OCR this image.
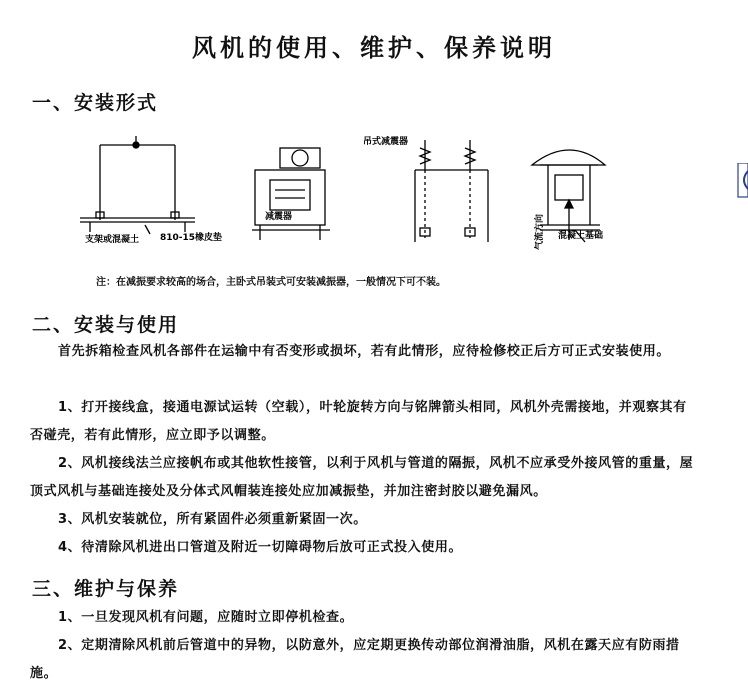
风机的使用、维护、保养说明
一、安装形式
支架或混凝土 810-15橡皮垫
减震器
吊式减震器
气流方向 混凝土基础
注：在减振要求较高的场合，主卧式吊装式可安装减振器，一般情况下可不装。
二、安装与使用
首先拆箱检查风机各部件在运输中有否变形或损坏，若有此情形，应待检修校正后方可正式安装使用。
1、打开接线盒，接通电源试运转（空载），叶轮旋转方向与铭牌箭头相同，风机外壳需接地，并观察其有否碰壳，若有此情形，应立即予以调整。
2、风机接线法兰应接帆布或其他软性接管，以利于风机与管道的隔振，风机不应承受外接风管的重量，屋顶式风机与基础连接处及分体式风帽装连接处应加减振垫，并加注密封胶以避免漏风。
3、风机安装就位，所有紧固件必须重新紧固一次。
4、待清除风机进出口管道及附近一切障碍物后放可正式投入使用。
三、维护与保养
1、一旦发现风机有问题，应随时立即停机检查。
2、定期清除风机前后管道中的异物，以防意外，应定期更换传动部位润滑油脂，风机在露天应有防雨措施。
